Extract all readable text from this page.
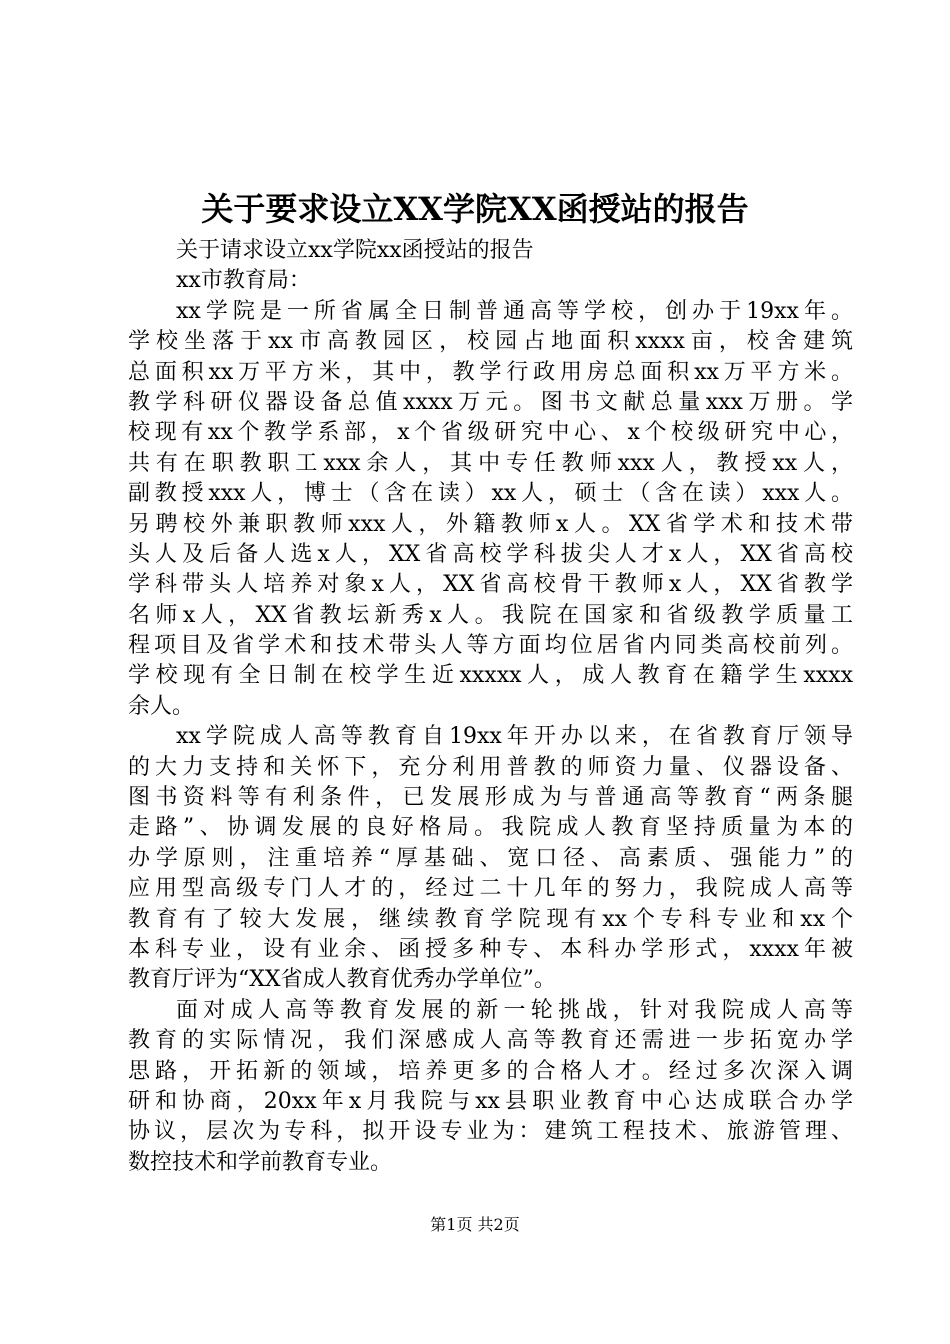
关于要求设立XX学院XX函授站的报告
关于请求设立xx学院xx函授站的报告
xx市教育局：
xx学院是一所省属全日制普通高等学校，创办于19xx年。
学校坐落于xx市高教园区，校园占地面积xxxx亩，校舍建筑
总面积xx万平方米，其中，教学行政用房总面积xx万平方米。
教学科研仪器设备总值xxxx万元。图书文献总量xxx万册。学
校现有xx个教学系部，x个省级研究中心、x个校级研究中心，
共有在职教职工xxx余人，其中专任教师xxx人，教授xx人，
副教授xxx人，博士（含在读）xx人，硕士（含在读）xxx人。
另聘校外兼职教师xxx人，外籍教师x人。XX省学术和技术带
头人及后备人选x人，XX省高校学科拔尖人才x人，XX省高校
学科带头人培养对象x人，XX省高校骨干教师x人，XX省教学
名师x人，XX省教坛新秀x人。我院在国家和省级教学质量工
程项目及省学术和技术带头人等方面均位居省内同类高校前列。
学校现有全日制在校学生近xxxxx人，成人教育在籍学生xxxx
余人。
xx学院成人高等教育自19xx年开办以来，在省教育厅领导
的大力支持和关怀下，充分利用普教的师资力量、仪器设备、
图书资料等有利条件，已发展形成为与普通高等教育“两条腿
走路”、协调发展的良好格局。我院成人教育坚持质量为本的
办学原则，注重培养“厚基础、宽口径、高素质、强能力”的
应用型高级专门人才的，经过二十几年的努力，我院成人高等
教育有了较大发展，继续教育学院现有xx个专科专业和xx个
本科专业，设有业余、函授多种专、本科办学形式，xxxx年被
教育厅评为“XX省成人教育优秀办学单位”。
面对成人高等教育发展的新一轮挑战，针对我院成人高等
教育的实际情况，我们深感成人高等教育还需进一步拓宽办学
思路，开拓新的领域，培养更多的合格人才。经过多次深入调
研和协商，20xx年x月我院与xx县职业教育中心达成联合办学
协议，层次为专科，拟开设专业为：建筑工程技术、旅游管理、
数控技术和学前教育专业。
第1页 共2页
